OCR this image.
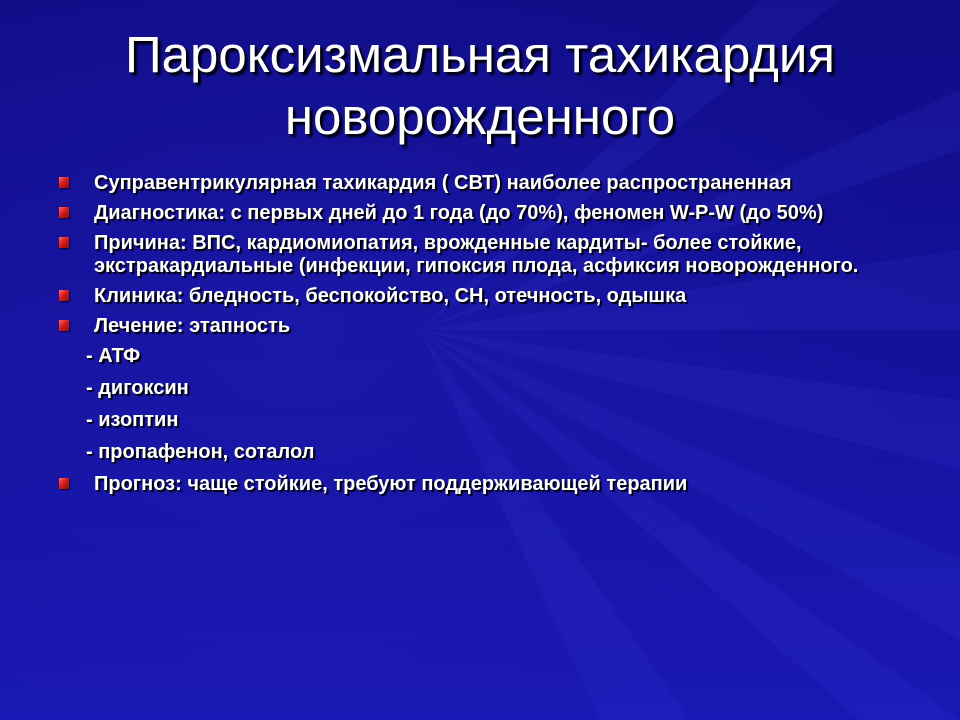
Пароксизмальная тахикардия
новорожденного
Суправентрикулярная тахикардия ( СВТ) наиболее распространенная
Диагностика: с первых дней до 1 года (до 70%), феномен W-P-W (до 50%)
Причина: ВПС, кардиомиопатия, врожденные кардиты- более стойкие, экстракардиальные (инфекции, гипоксия плода, асфиксия новорожденного.
Клиника: бледность, беспокойство, СН, отечность, одышка
Лечение: этапность
- АТФ
- дигоксин
- изоптин
- пропафенон, соталол
Прогноз: чаще стойкие, требуют поддерживающей терапии
